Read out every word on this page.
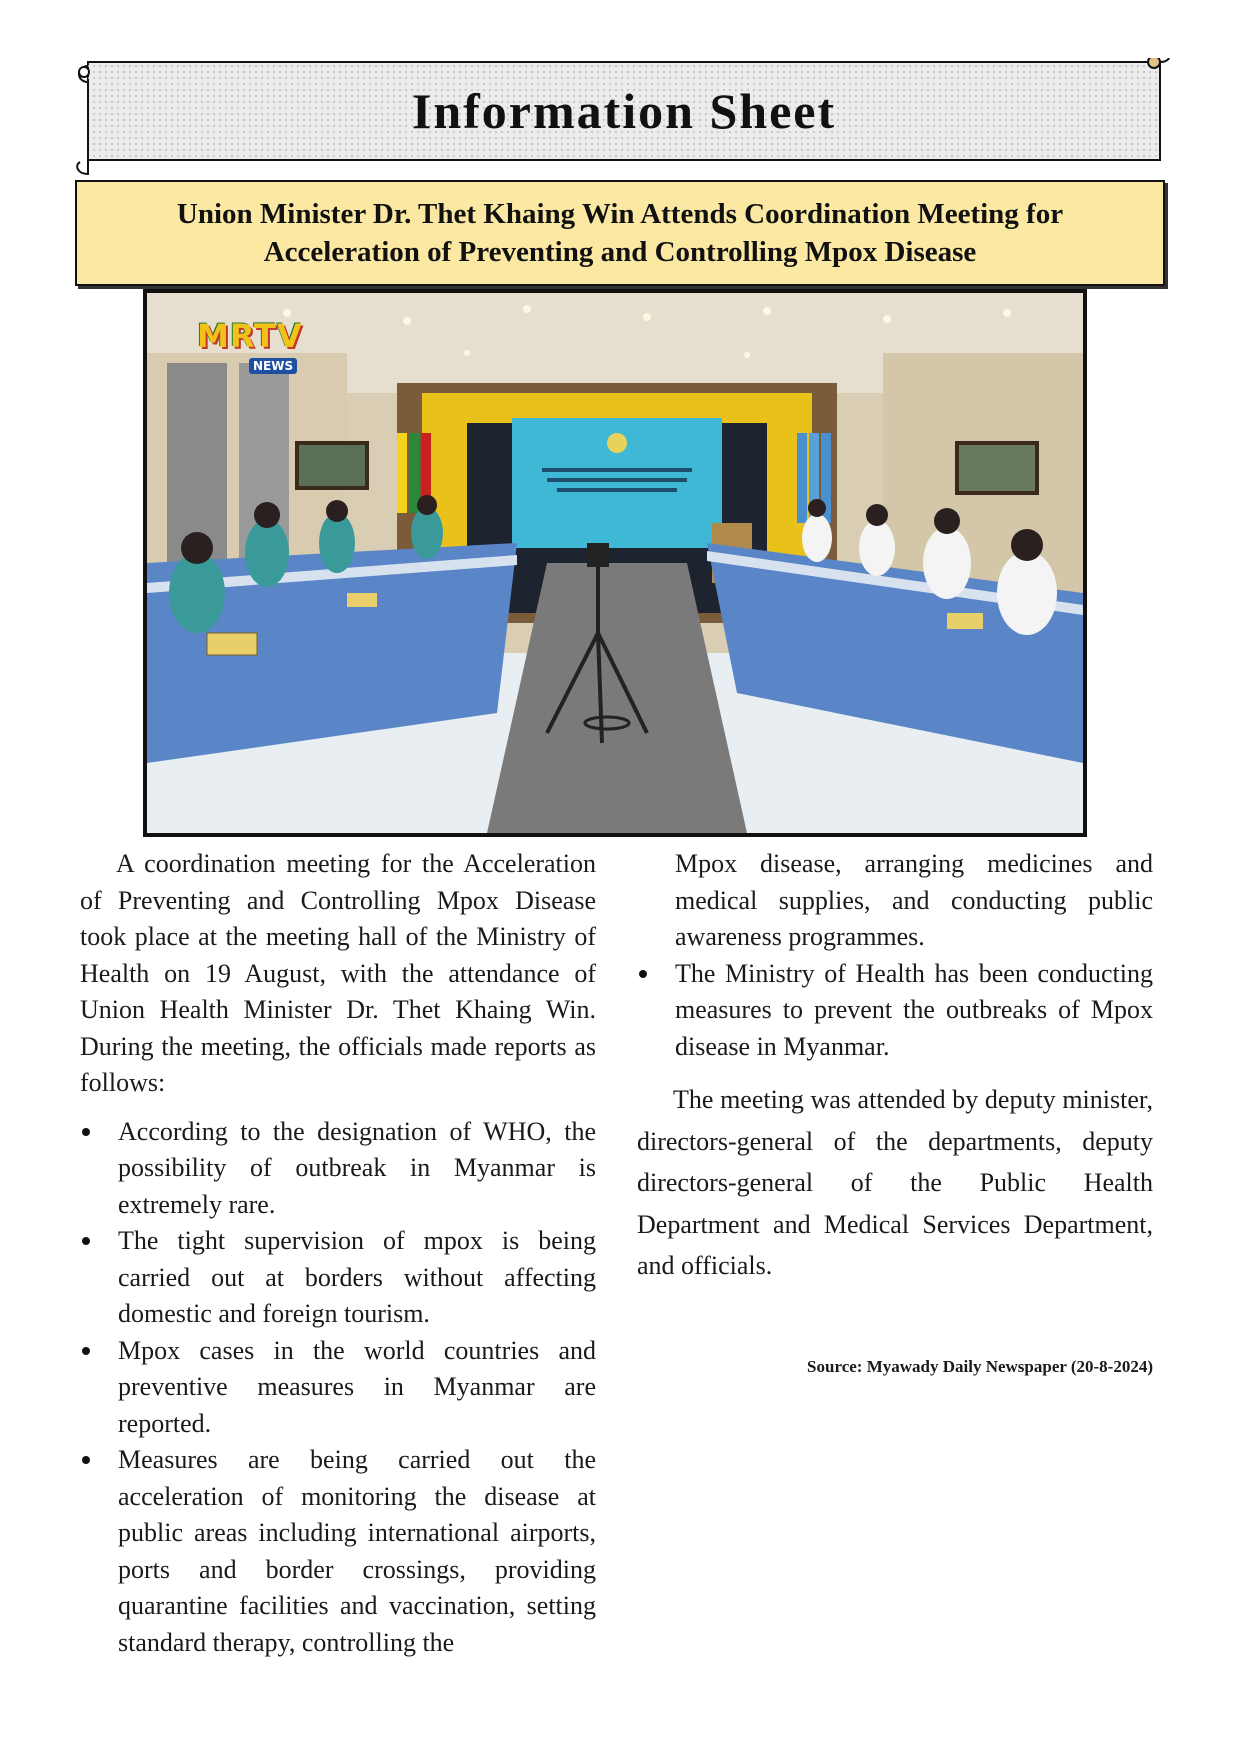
Information Sheet
Union Minister Dr. Thet Khaing Win Attends Coordination Meeting for
Acceleration of Preventing and Controlling Mpox Disease
MRTV
NEWS

A coordination meeting for the Acceleration of Preventing and Controlling Mpox Disease took place at the meeting hall of the Ministry of Health on 19 August, with the attendance of Union Health Minister Dr. Thet Khaing Win. During the meeting, the officials made reports as follows:

According to the designation of WHO, the possibility of outbreak in Myanmar is extremely rare.
The tight supervision of mpox is being carried out at borders without affecting domestic and foreign tourism.
Mpox cases in the world countries and preventive measures in Myanmar are reported.
Measures are being carried out the acceleration of monitoring the disease at public areas including international airports, ports and border crossings, providing quarantine facilities and vaccination, setting standard therapy, controlling the

Mpox disease, arranging medicines and medical supplies, and conducting public awareness programmes.

The Ministry of Health has been conducting measures to prevent the outbreaks of Mpox disease in Myanmar.

The meeting was attended by deputy minister, directors-general of the departments, deputy directors-general of the Public Health Department and Medical Services Department, and officials.

Source: Myawady Daily Newspaper (20-8-2024)
